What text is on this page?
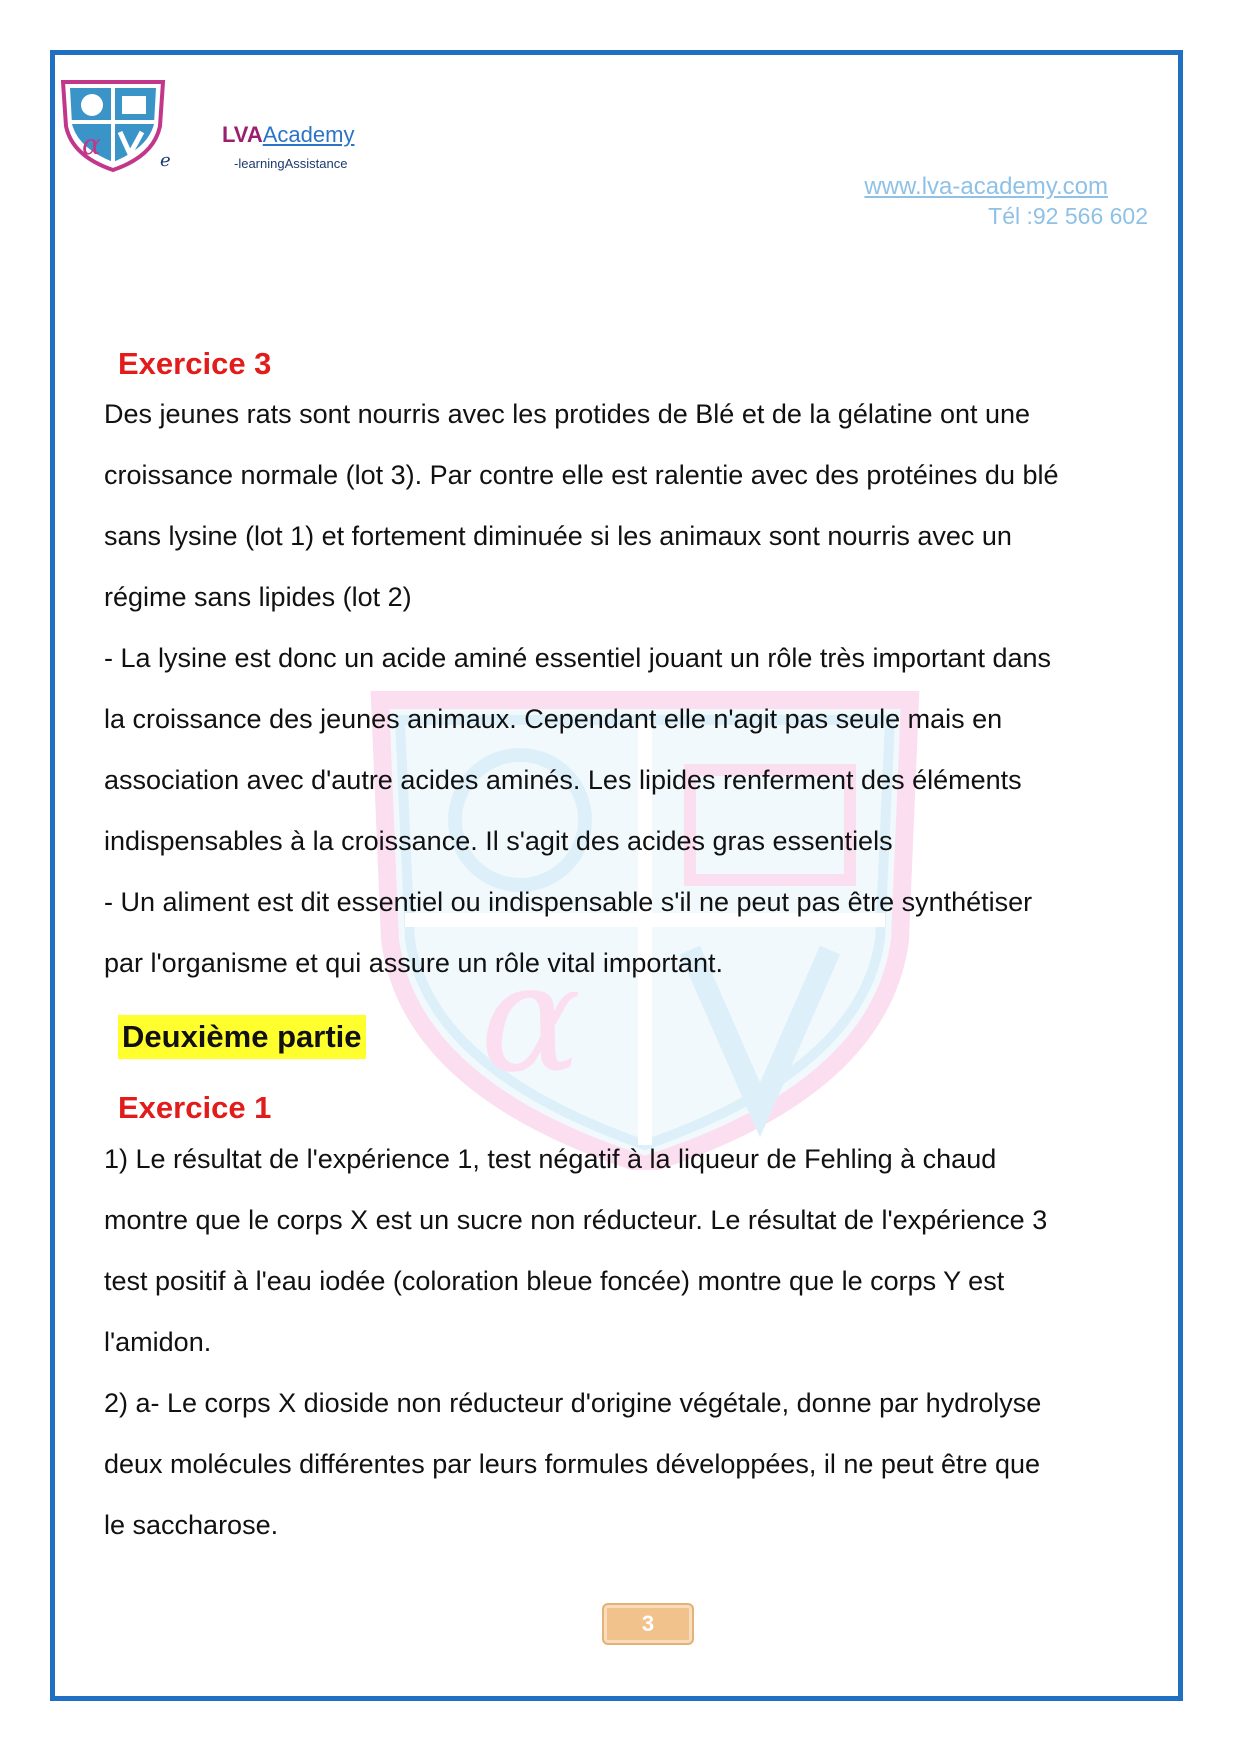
α
α	e
LVAAcademy
-learningAssistance
www.lva-academy.com
Tél :92 566 602
Exercice 3

Des jeunes rats sont nourris avec les protides de Blé et de la gélatine ont une

croissance normale (lot 3). Par contre elle est ralentie avec des protéines du blé

sans lysine (lot 1) et fortement diminuée si les animaux sont nourris avec un

régime sans lipides (lot 2)

- La lysine est donc un acide aminé essentiel jouant un rôle très important dans

la croissance des jeunes animaux. Cependant elle n'agit pas seule mais en

association avec d'autre acides aminés. Les lipides renferment des éléments

indispensables à la croissance. Il s'agit des acides gras essentiels

- Un aliment est dit essentiel ou indispensable s'il ne peut pas être synthétiser

par l'organisme et qui assure un rôle vital important.

Deuxième partie
Exercice 1

1) Le résultat de l'expérience 1, test négatif à la liqueur de Fehling à chaud

montre que le corps X est un sucre non réducteur. Le résultat de l'expérience 3

test positif à l'eau iodée (coloration bleue foncée) montre que le corps Y est

l'amidon.

2) a- Le corps X dioside non réducteur d'origine végétale, donne par hydrolyse

deux molécules différentes par leurs formules développées, il ne peut être que

le saccharose.

3
